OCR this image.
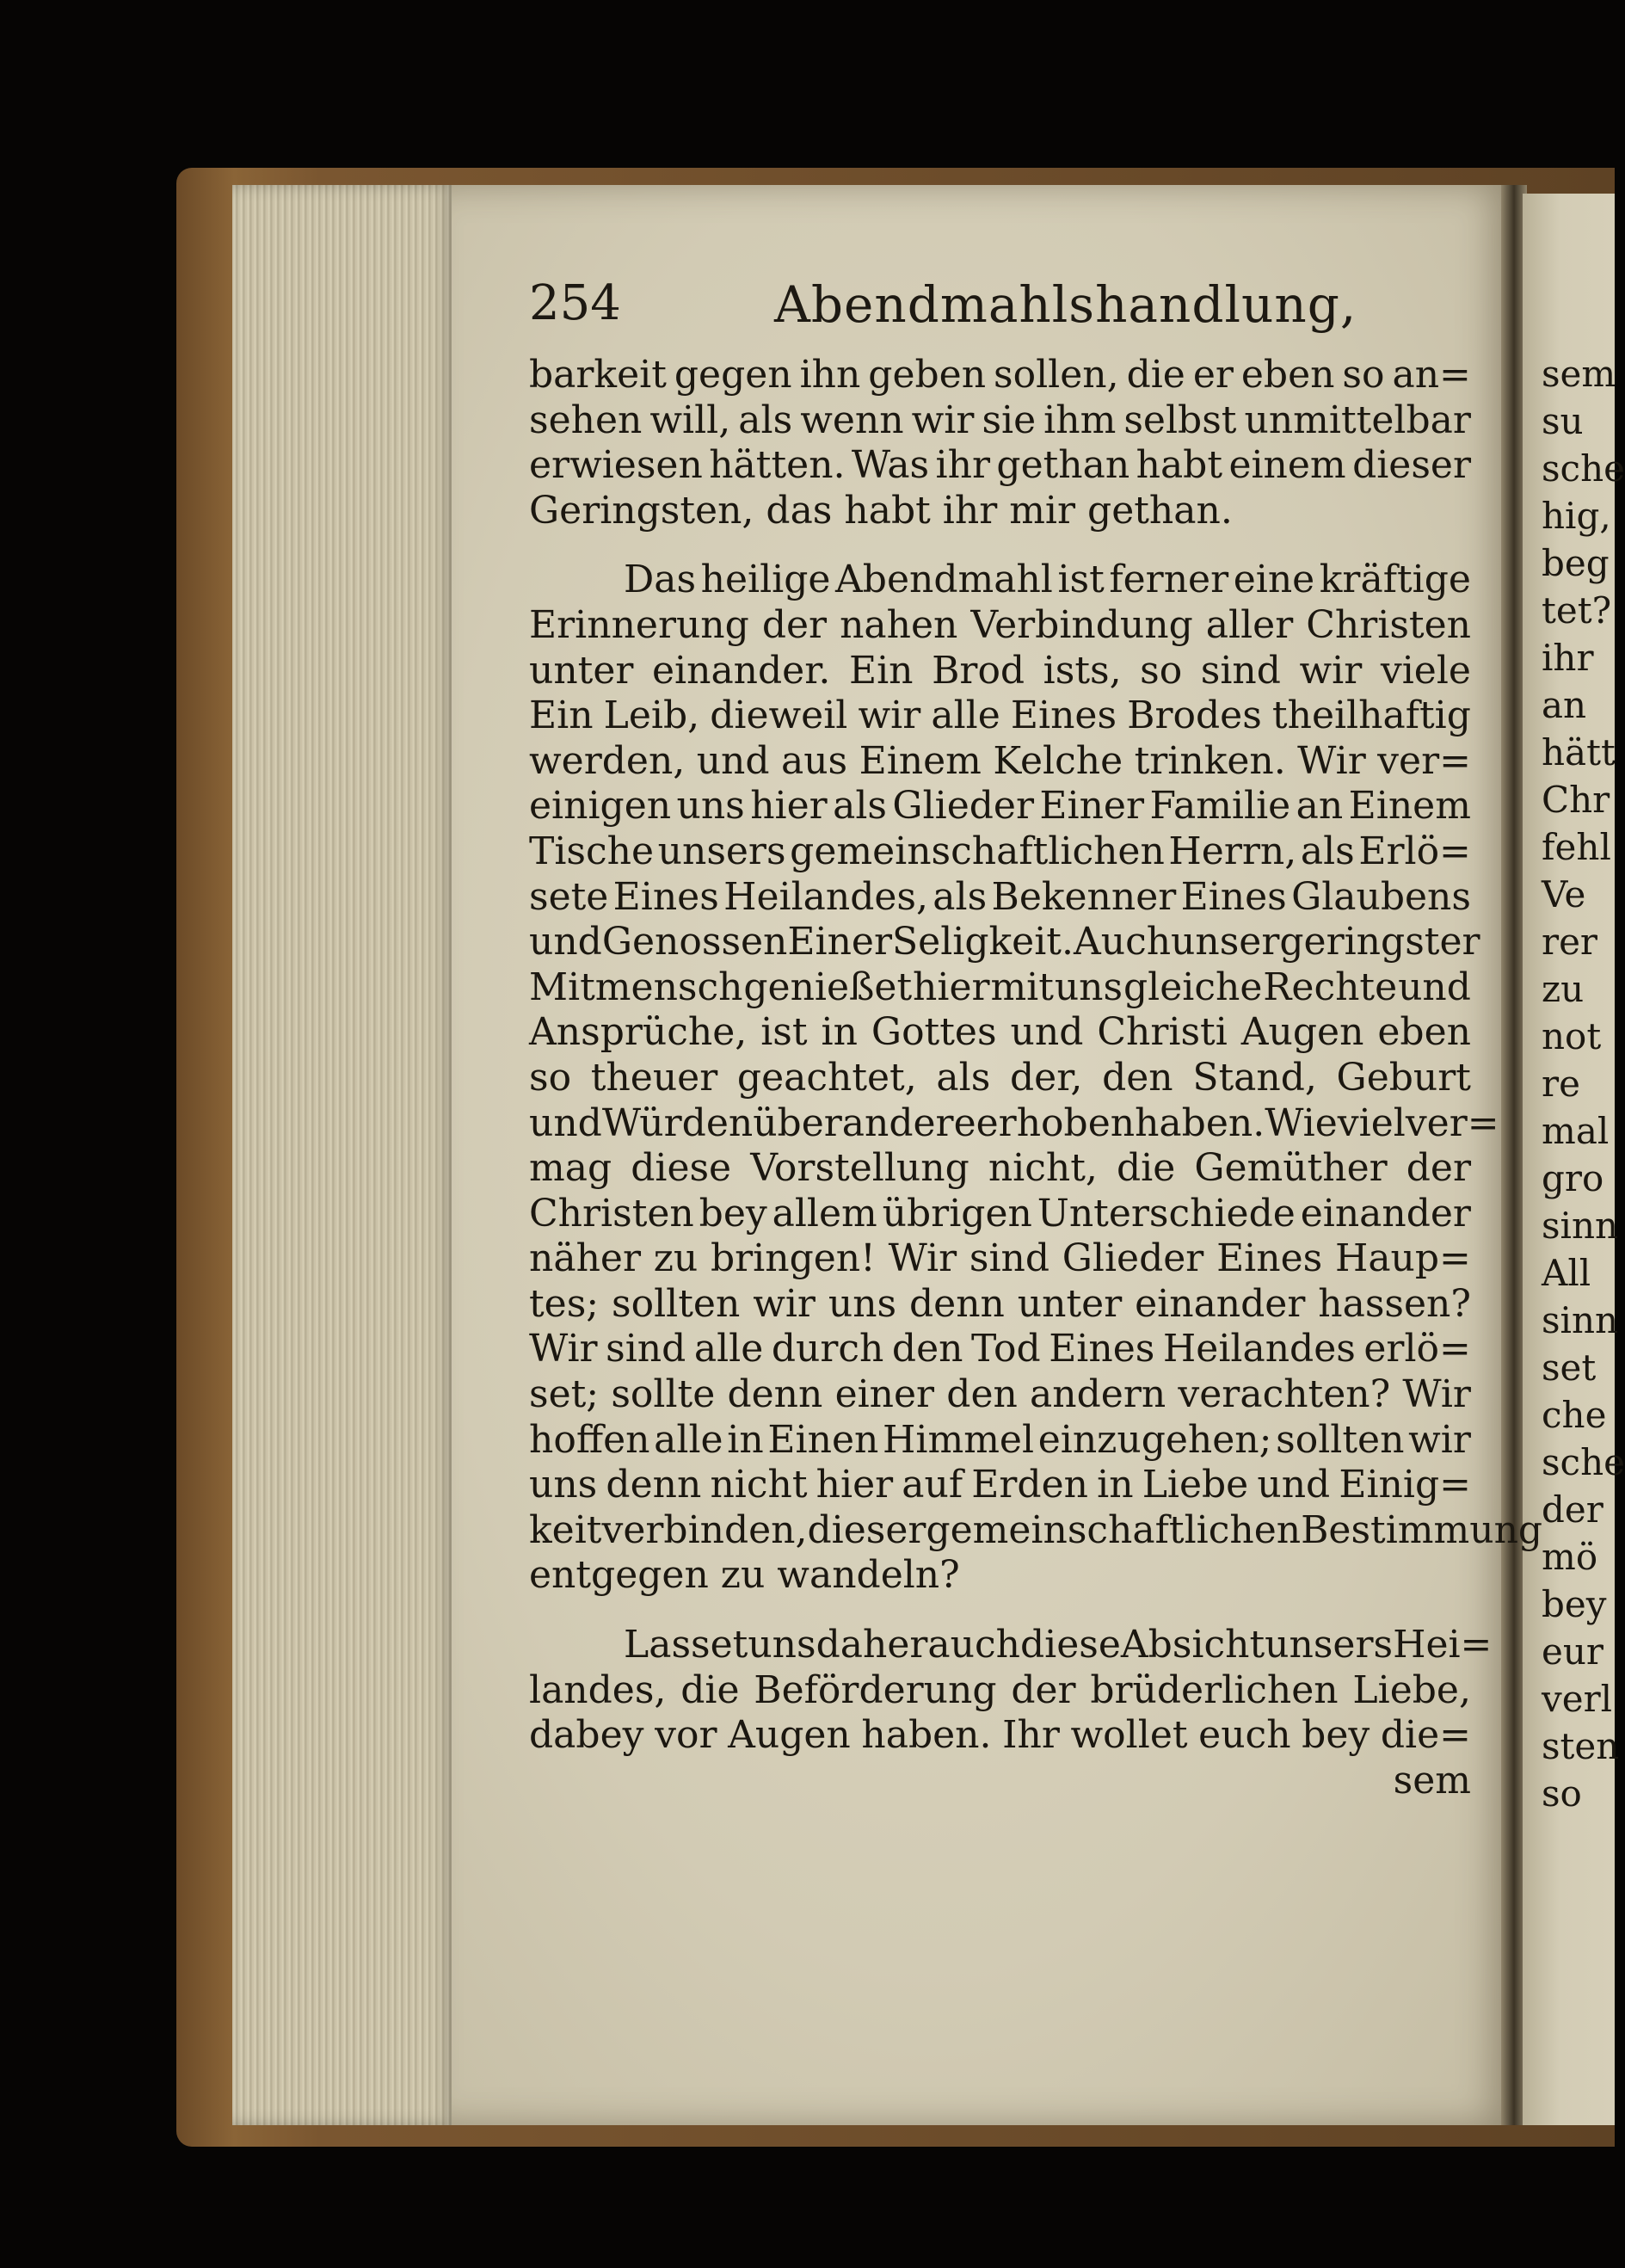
sem
su
sche
hig,
beg
tet?
ihr
an
hätt
Chr
fehl
Ve
rer
zu
not
re
mal
gro
sinn
All
sinn
set
che
sche
der
mö
bey
eur
verl
sten
so
254	Abendmahlshandlung,
barkeit gegen ihn geben sollen, die er eben so an=
sehen will, als wenn wir sie ihm selbst unmittelbar
erwiesen hätten. Was ihr gethan habt einem dieser
Geringsten, das habt ihr mir gethan.
Das heilige Abendmahl ist ferner eine kräftige
Erinnerung der nahen Verbindung aller Christen
unter einander. Ein Brod ists, so sind wir viele
Ein Leib, dieweil wir alle Eines Brodes theilhaftig
werden, und aus Einem Kelche trinken. Wir ver=
einigen uns hier als Glieder Einer Familie an Einem
Tische unsers gemeinschaftlichen Herrn, als Erlö=
sete Eines Heilandes, als Bekenner Eines Glaubens
und Genossen Einer Seligkeit. Auch unser geringster
Mitmensch genießet hier mit uns gleiche Rechte und
Ansprüche, ist in Gottes und Christi Augen eben
so theuer geachtet, als der, den Stand, Geburt
und Würden über andere erhoben haben. Wie viel ver=
mag diese Vorstellung nicht, die Gemüther der
Christen bey allem übrigen Unterschiede einander
näher zu bringen! Wir sind Glieder Eines Haup=
tes; sollten wir uns denn unter einander hassen?
Wir sind alle durch den Tod Eines Heilandes erlö=
set; sollte denn einer den andern verachten? Wir
hoffen alle in Einen Himmel einzugehen; sollten wir
uns denn nicht hier auf Erden in Liebe und Einig=
keit verbinden, dieser gemeinschaftlichen Bestimmung
entgegen zu wandeln?
Lasset uns daher auch diese Absicht unsers Hei=
landes, die Beförderung der brüderlichen Liebe,
dabey vor Augen haben. Ihr wollet euch bey die=
sem
